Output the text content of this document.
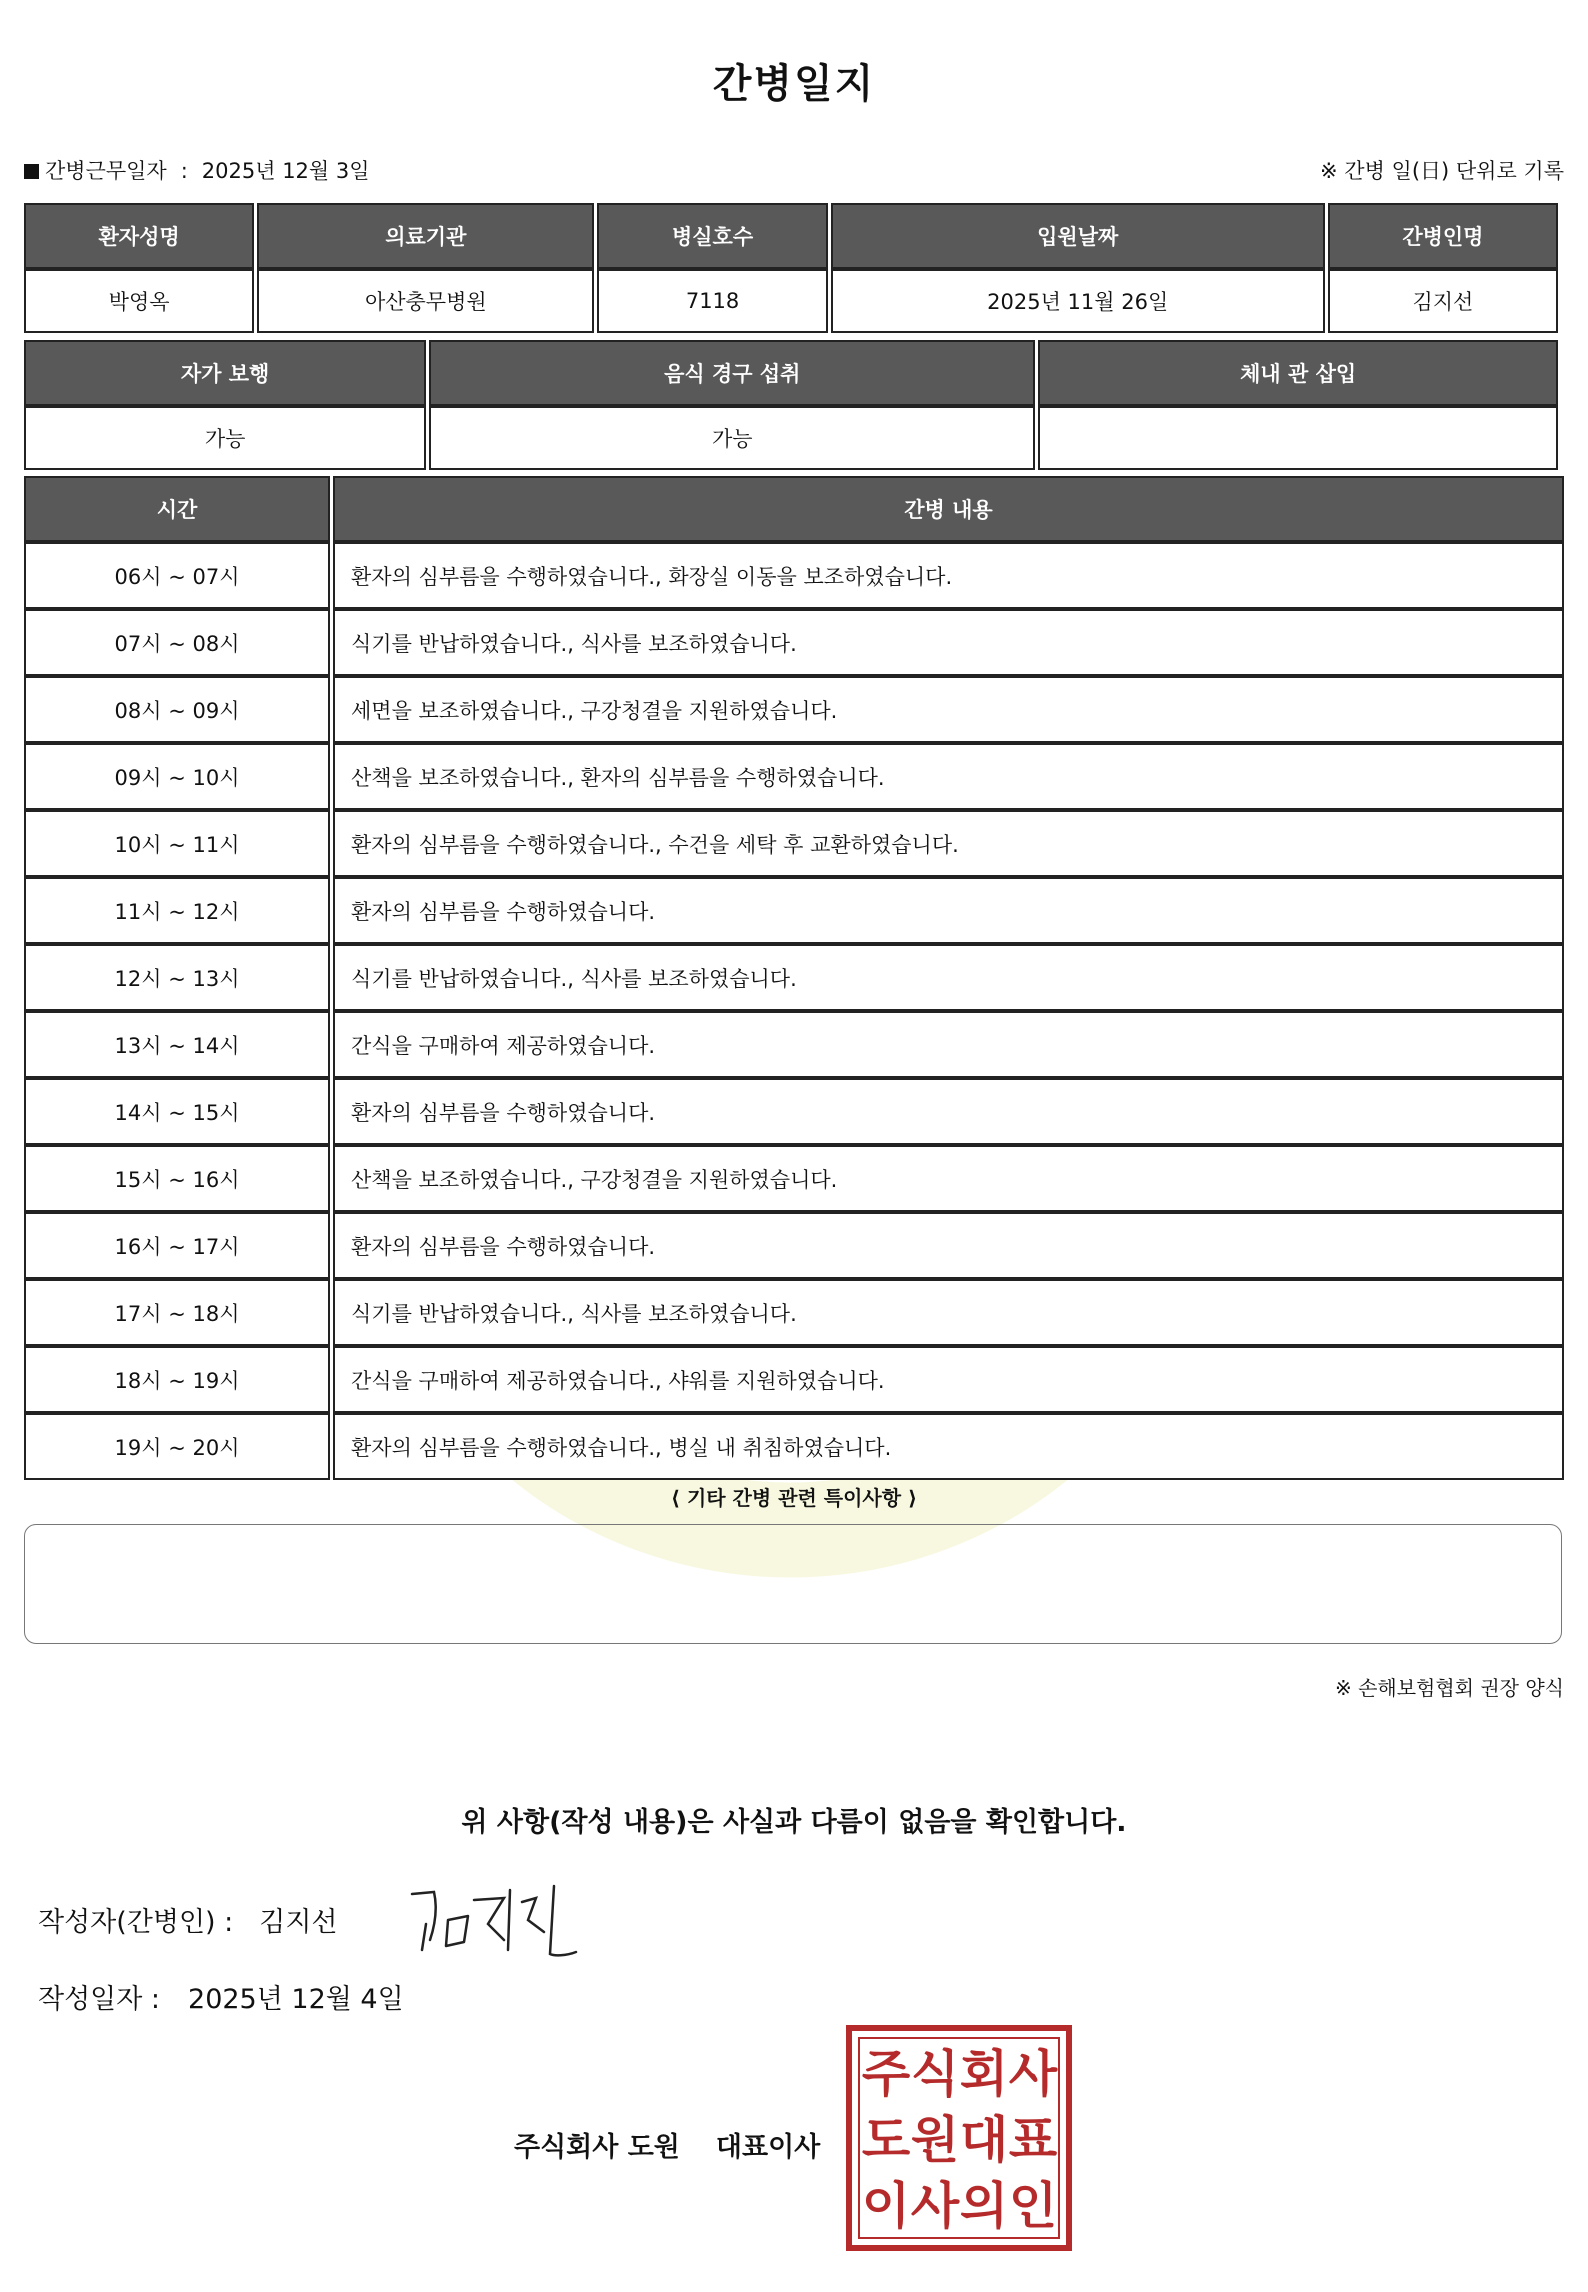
간병일지
간병근무일자 : 2025년 12월 3일	※ 간병 일(日) 단위로 기록
환자성명	의료기관	병실호수	입원날짜	간병인명
박영옥	아산충무병원	7118	2025년 11월 26일	김지선
자가 보행	음식 경구 섭취	체내 관 삽입
가능	가능	
시간	간병 내용
06시 ~ 07시	환자의 심부름을 수행하였습니다., 화장실 이동을 보조하였습니다.
07시 ~ 08시	식기를 반납하였습니다., 식사를 보조하였습니다.
08시 ~ 09시	세면을 보조하였습니다., 구강청결을 지원하였습니다.
09시 ~ 10시	산책을 보조하였습니다., 환자의 심부름을 수행하였습니다.
10시 ~ 11시	환자의 심부름을 수행하였습니다., 수건을 세탁 후 교환하였습니다.
11시 ~ 12시	환자의 심부름을 수행하였습니다.
12시 ~ 13시	식기를 반납하였습니다., 식사를 보조하였습니다.
13시 ~ 14시	간식을 구매하여 제공하였습니다.
14시 ~ 15시	환자의 심부름을 수행하였습니다.
15시 ~ 16시	산책을 보조하였습니다., 구강청결을 지원하였습니다.
16시 ~ 17시	환자의 심부름을 수행하였습니다.
17시 ~ 18시	식기를 반납하였습니다., 식사를 보조하였습니다.
18시 ~ 19시	간식을 구매하여 제공하였습니다., 샤워를 지원하였습니다.
19시 ~ 20시	환자의 심부름을 수행하였습니다., 병실 내 취침하였습니다.
⟨ 기타 간병 관련 특이사항 ⟩
※ 손해보험협회 권장 양식
위 사항(작성 내용)은 사실과 다름이 없음을 확인합니다.
작성자(간병인) : 김지선
작성일자 : 2025년 12월 4일
주식회사 도원 대표이사
주 식 회 사
도 원 대 표
이 사 의 인
